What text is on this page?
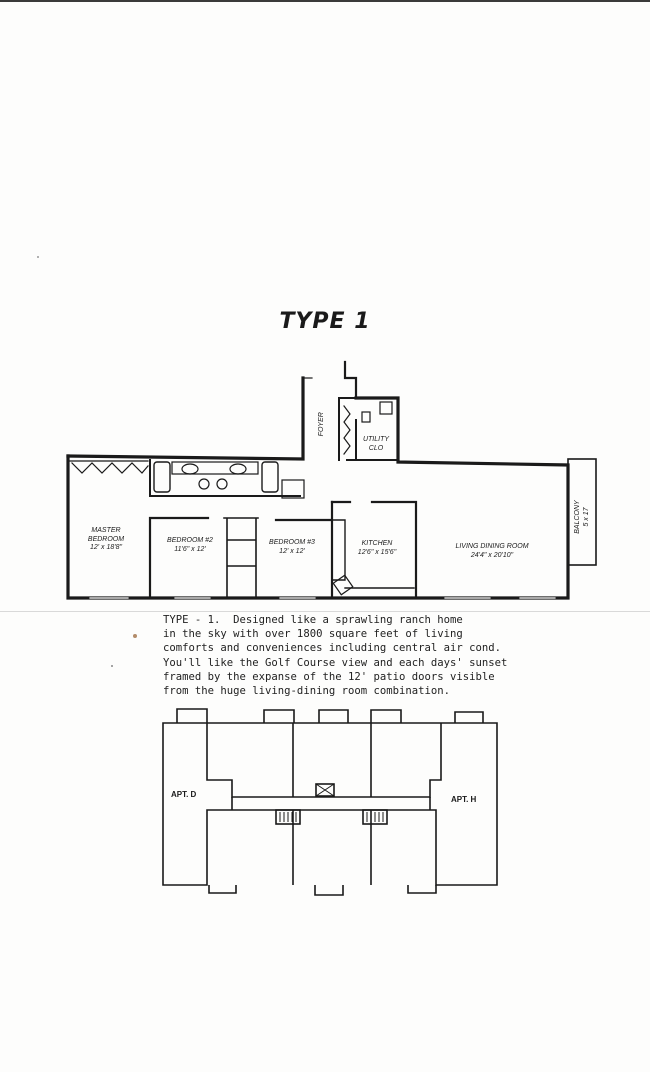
TYPE 1
MASTER
BEDROOM
12' x 18'8"
BEDROOM #2
11'6" x 12'
BEDROOM #3
12' x 12'
KITCHEN
12'6" x 15'6"
LIVING DINING ROOM
24'4" x 20'10"
FOYER
UTILITY
CLO
BALCONY 5 x 17
TYPE - 1.  Designed like a sprawling ranch home
in the sky with over 1800 square feet of living
comforts and conveniences including central air cond.
You'll like the Golf Course view and each days' sunset
framed by the expanse of the 12' patio doors visible
from the huge living-dining room combination.
APT. D
APT. H
